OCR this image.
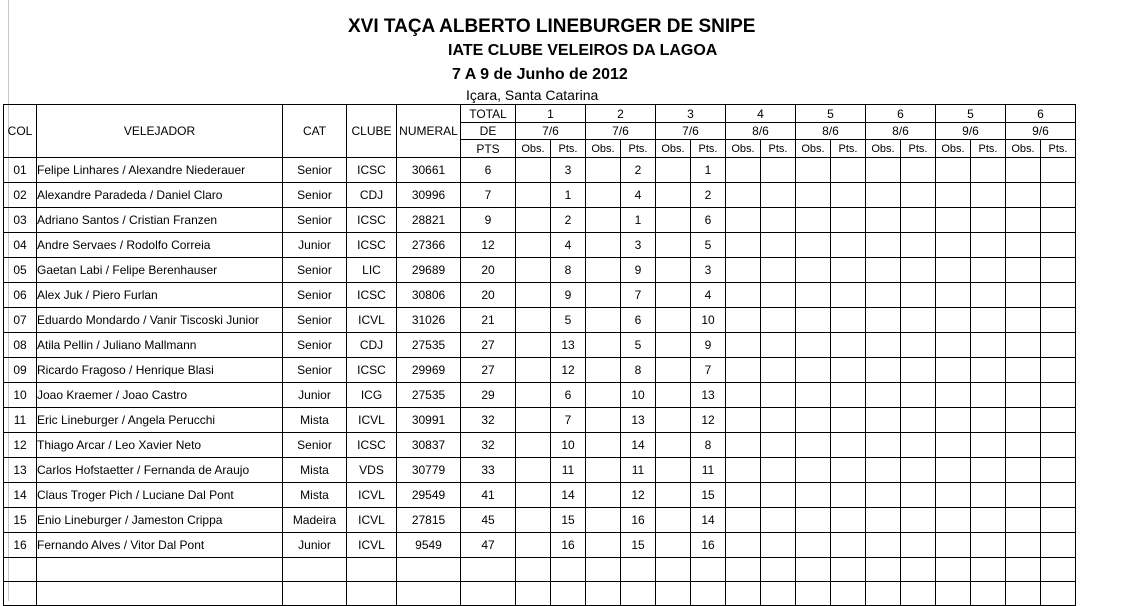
XVI TAÇA ALBERTO LINEBURGER DE SNIPE
IATE CLUBE VELEIROS DA LAGOA
7 A 9 de Junho de 2012
Içara, Santa Catarina
COL	VELEJADOR	CAT	CLUBE	NUMERAL	TOTAL	1		2		3		4		5		6		5		6	
					DE	7/6		7/6		7/6		8/6		8/6		8/6		9/6		9/6	
					PTS	Obs.	Pts.	Obs.	Pts.	Obs.	Pts.	Obs.	Pts.	Obs.	Pts.	Obs.	Pts.	Obs.	Pts.	Obs.	Pts.
01	Felipe Linhares / Alexandre Niederauer	Senior	ICSC	30661	6		3		2		1										
02	Alexandre Paradeda / Daniel Claro	Senior	CDJ	30996	7		1		4		2										
03	Adriano Santos / Cristian Franzen	Senior	ICSC	28821	9		2		1		6										
04	Andre Servaes / Rodolfo Correia	Junior	ICSC	27366	12		4		3		5										
05	Gaetan Labi / Felipe Berenhauser	Senior	LIC	29689	20		8		9		3										
06	Alex Juk / Piero Furlan	Senior	ICSC	30806	20		9		7		4										
07	Eduardo Mondardo / Vanir Tiscoski Junior	Senior	ICVL	31026	21		5		6		10										
08	Atila Pellin / Juliano Mallmann	Senior	CDJ	27535	27		13		5		9										
09	Ricardo Fragoso / Henrique Blasi	Senior	ICSC	29969	27		12		8		7										
10	Joao Kraemer / Joao Castro	Junior	ICG	27535	29		6		10		13										
11	Eric Lineburger / Angela Perucchi	Mista	ICVL	30991	32		7		13		12										
12	Thiago Arcar / Leo Xavier Neto	Senior	ICSC	30837	32		10		14		8										
13	Carlos Hofstaetter / Fernanda de Araujo	Mista	VDS	30779	33		11		11		11										
14	Claus Troger Pich / Luciane Dal Pont	Mista	ICVL	29549	41		14		12		15										
15	Enio Lineburger / Jameston Crippa	Madeira	ICVL	27815	45		15		16		14										
16	Fernando Alves / Vitor Dal Pont	Junior	ICVL	9549	47		16		15		16										
